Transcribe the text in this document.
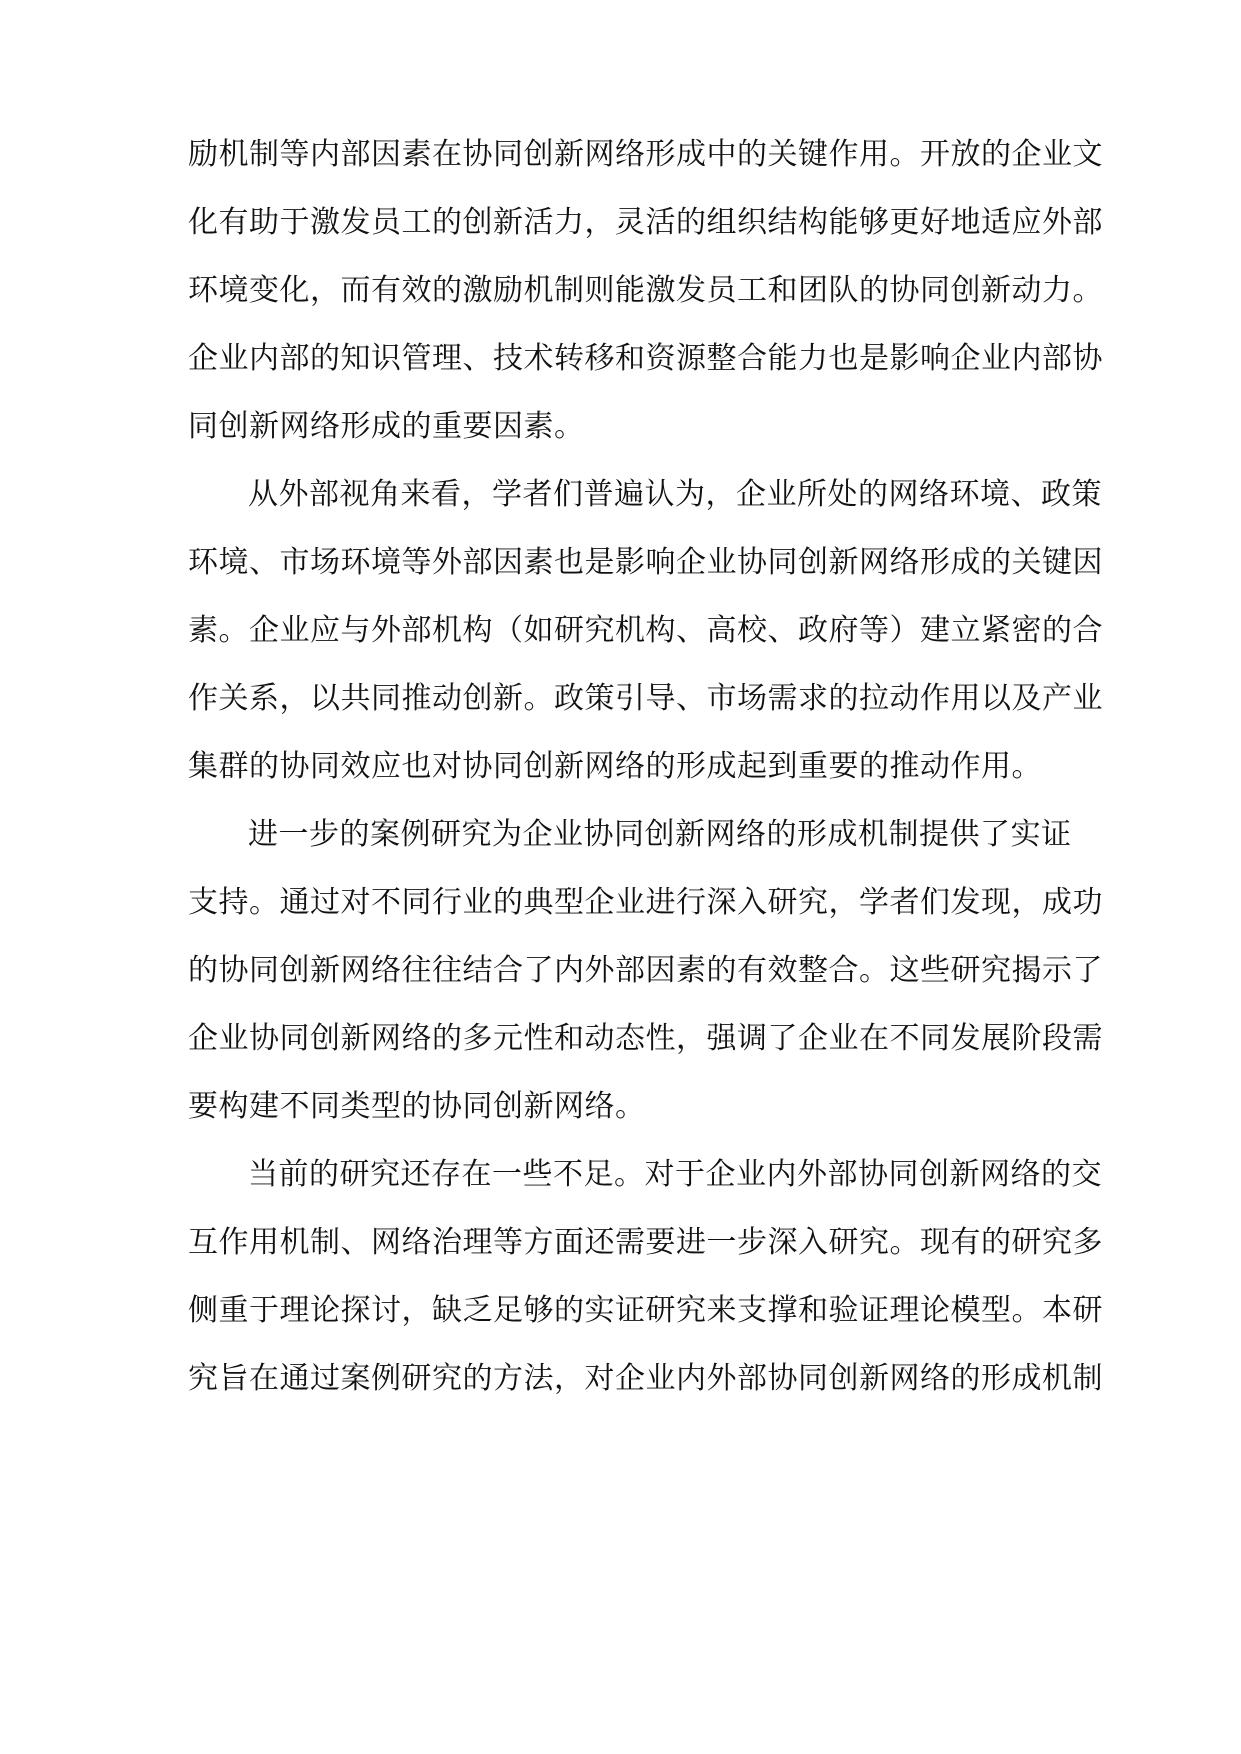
励机制等内部因素在协同创新网络形成中的关键作用。开放的企业文
化有助于激发员工的创新活力，灵活的组织结构能够更好地适应外部
环境变化，而有效的激励机制则能激发员工和团队的协同创新动力。
企业内部的知识管理、技术转移和资源整合能力也是影响企业内部协
同创新网络形成的重要因素。
从外部视角来看，学者们普遍认为，企业所处的网络环境、政策
环境、市场环境等外部因素也是影响企业协同创新网络形成的关键因
素。企业应与外部机构（如研究机构、高校、政府等）建立紧密的合
作关系，以共同推动创新。政策引导、市场需求的拉动作用以及产业
集群的协同效应也对协同创新网络的形成起到重要的推动作用。
进一步的案例研究为企业协同创新网络的形成机制提供了实证
支持。通过对不同行业的典型企业进行深入研究，学者们发现，成功
的协同创新网络往往结合了内外部因素的有效整合。这些研究揭示了
企业协同创新网络的多元性和动态性，强调了企业在不同发展阶段需
要构建不同类型的协同创新网络。
当前的研究还存在一些不足。对于企业内外部协同创新网络的交
互作用机制、网络治理等方面还需要进一步深入研究。现有的研究多
侧重于理论探讨，缺乏足够的实证研究来支撑和验证理论模型。本研
究旨在通过案例研究的方法，对企业内外部协同创新网络的形成机制
